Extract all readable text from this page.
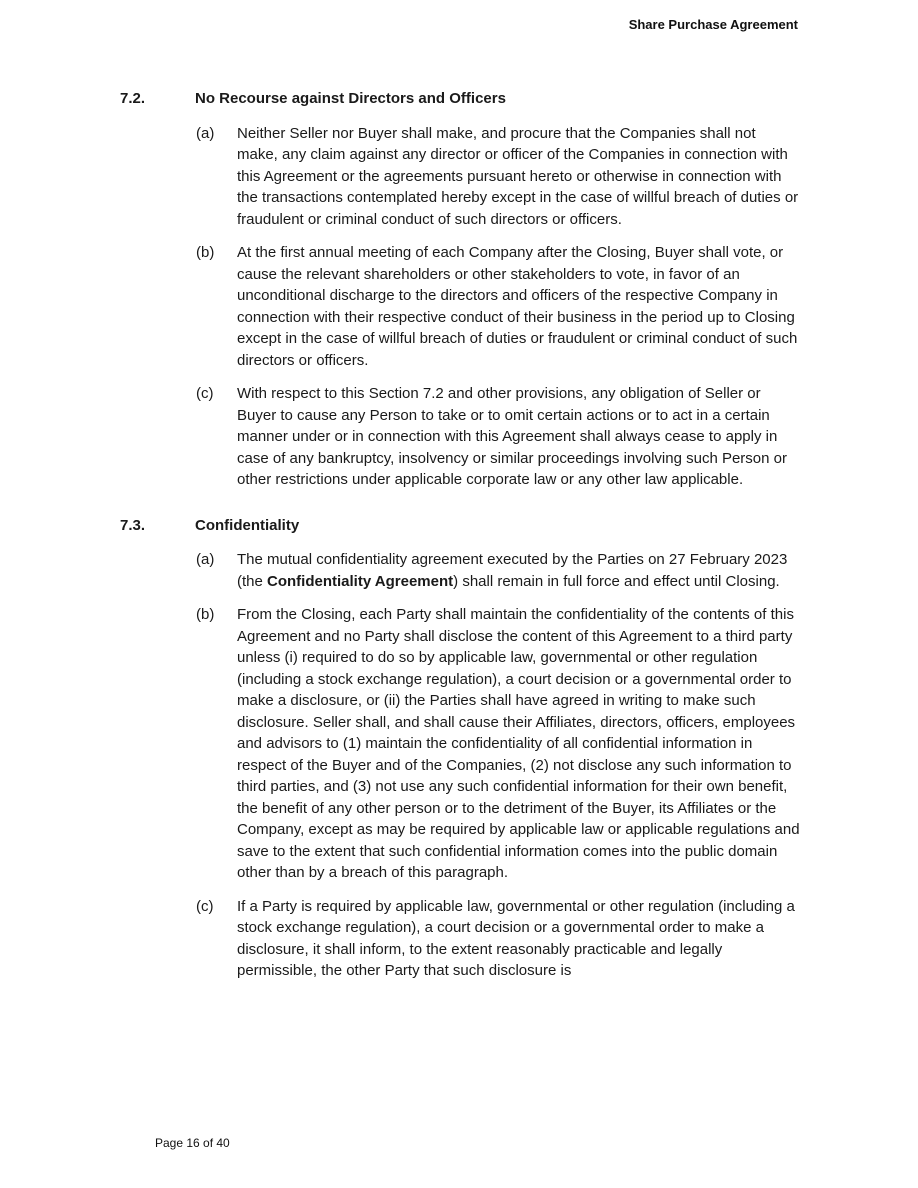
Share Purchase Agreement
7.2.	No Recourse against Directors and Officers
(a)	Neither Seller nor Buyer shall make, and procure that the Companies shall not make, any claim against any director or officer of the Companies in connection with this Agreement or the agreements pursuant hereto or otherwise in connection with the transactions contemplated hereby except in the case of willful breach of duties or fraudulent or criminal conduct of such directors or officers.
(b)	At the first annual meeting of each Company after the Closing, Buyer shall vote, or cause the relevant shareholders or other stakeholders to vote, in favor of an unconditional discharge to the directors and officers of the respective Company in connection with their respective conduct of their business in the period up to Closing except in the case of willful breach of duties or fraudulent or criminal conduct of such directors or officers.
(c)	With respect to this Section 7.2 and other provisions, any obligation of Seller or Buyer to cause any Person to take or to omit certain actions or to act in a certain manner under or in connection with this Agreement shall always cease to apply in case of any bankruptcy, insolvency or similar proceedings involving such Person or other restrictions under applicable corporate law or any other law applicable.
7.3.	Confidentiality
(a)	The mutual confidentiality agreement executed by the Parties on 27 February 2023 (the Confidentiality Agreement) shall remain in full force and effect until Closing.
(b)	From the Closing, each Party shall maintain the confidentiality of the contents of this Agreement and no Party shall disclose the content of this Agreement to a third party unless (i) required to do so by applicable law, governmental or other regulation (including a stock exchange regulation), a court decision or a governmental order to make a disclosure, or (ii) the Parties shall have agreed in writing to make such disclosure. Seller shall, and shall cause their Affiliates, directors, officers, employees and advisors to (1) maintain the confidentiality of all confidential information in respect of the Buyer and of the Companies, (2) not disclose any such information to third parties, and (3) not use any such confidential information for their own benefit, the benefit of any other person or to the detriment of the Buyer, its Affiliates or the Company, except as may be required by applicable law or applicable regulations and save to the extent that such confidential information comes into the public domain other than by a breach of this paragraph.
(c)	If a Party is required by applicable law, governmental or other regulation (including a stock exchange regulation), a court decision or a governmental order to make a disclosure, it shall inform, to the extent reasonably practicable and legally permissible, the other Party that such disclosure is
Page 16 of 40
